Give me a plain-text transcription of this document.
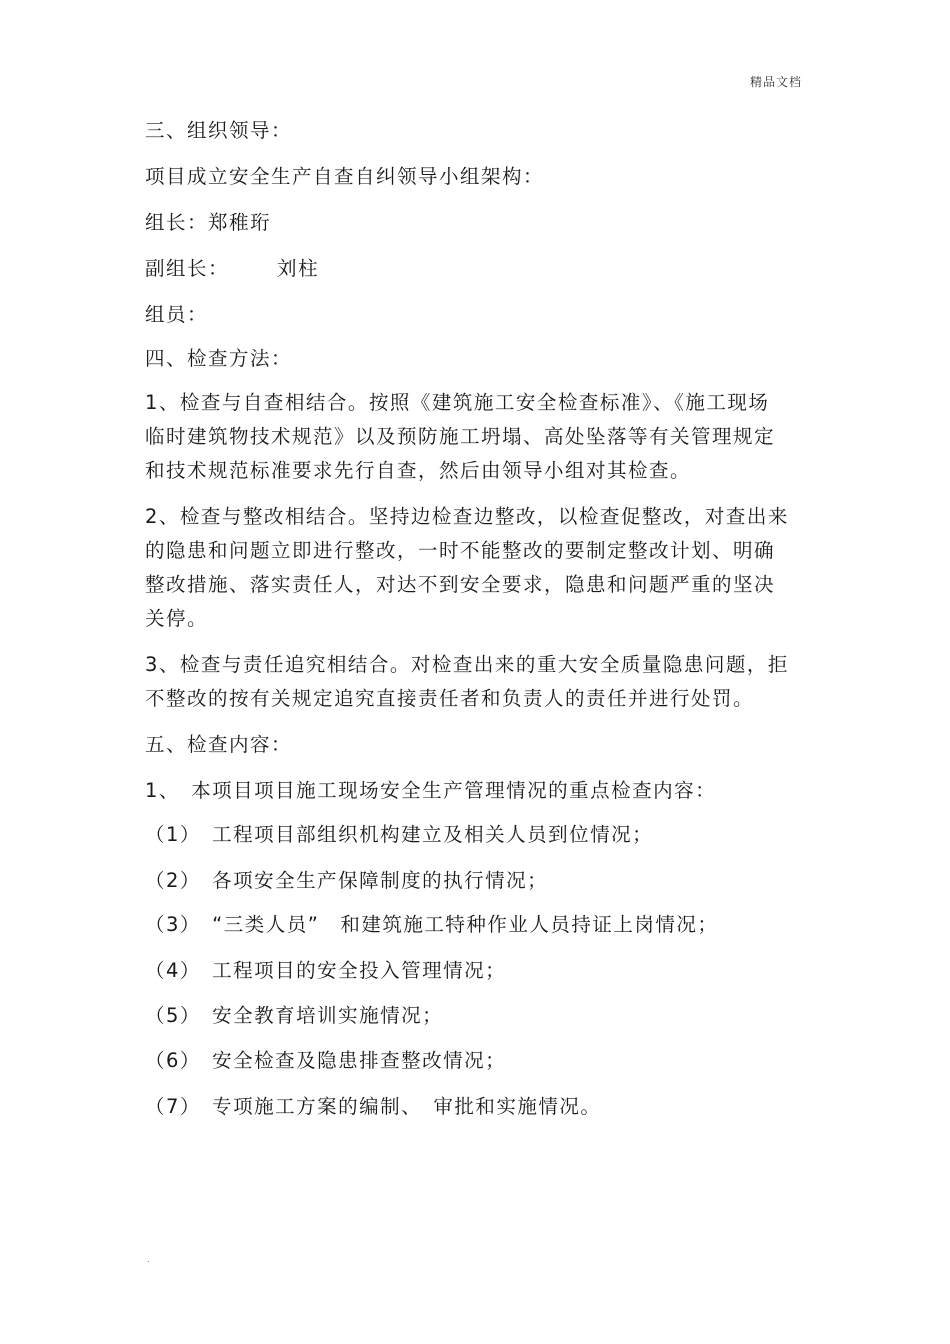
精品文档
三、组织领导：
项目成立安全生产自查自纠领导小组架构：
组长：郑稚珩
副组长： 刘柱
组员：
四、检查方法：
1、检查与自查相结合。按照《建筑施工安全检查标准》、《施工现场
临时建筑物技术规范》以及预防施工坍塌、高处坠落等有关管理规定
和技术规范标准要求先行自查，然后由领导小组对其检查。
2、检查与整改相结合。坚持边检查边整改，以检查促整改，对查出来
的隐患和问题立即进行整改，一时不能整改的要制定整改计划、明确
整改措施、落实责任人，对达不到安全要求，隐患和问题严重的坚决
关停。
3、检查与责任追究相结合。对检查出来的重大安全质量隐患问题，拒
不整改的按有关规定追究直接责任者和负责人的责任并进行处罚。
五、检查内容：
1、　本项目项目施工现场安全生产管理情况的重点检查内容：
（1）　工程项目部组织机构建立及相关人员到位情况；
（2）　各项安全生产保障制度的执行情况；
（3）　“三类人员”　和建筑施工特种作业人员持证上岗情况；
（4）　工程项目的安全投入管理情况；
（5）　安全教育培训实施情况；
（6）　安全检查及隐患排查整改情况；
（7）　专项施工方案的编制、　审批和实施情况。
.
